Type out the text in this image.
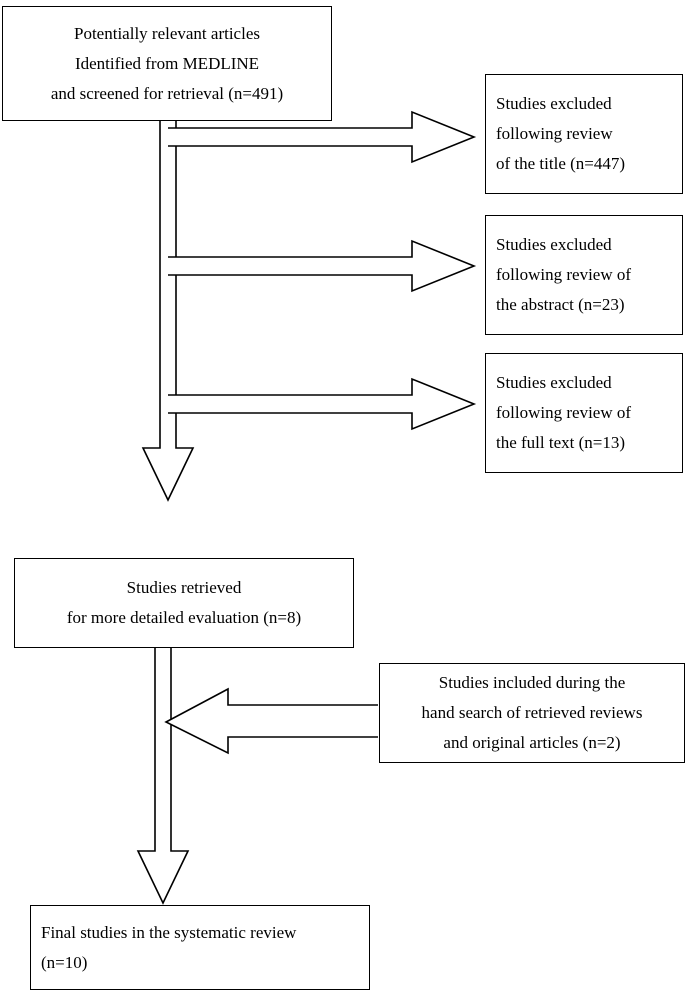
Potentially relevant articles
Identified from MEDLINE
and screened for retrieval (n=491)
Studies excluded
following review
of the title (n=447)
Studies excluded
following review of
the abstract (n=23)
Studies excluded
following review of
the full text (n=13)
Studies retrieved
for more detailed evaluation (n=8)
Studies included during the
hand search of retrieved reviews
and original articles (n=2)
Final studies in the systematic review
(n=10)
